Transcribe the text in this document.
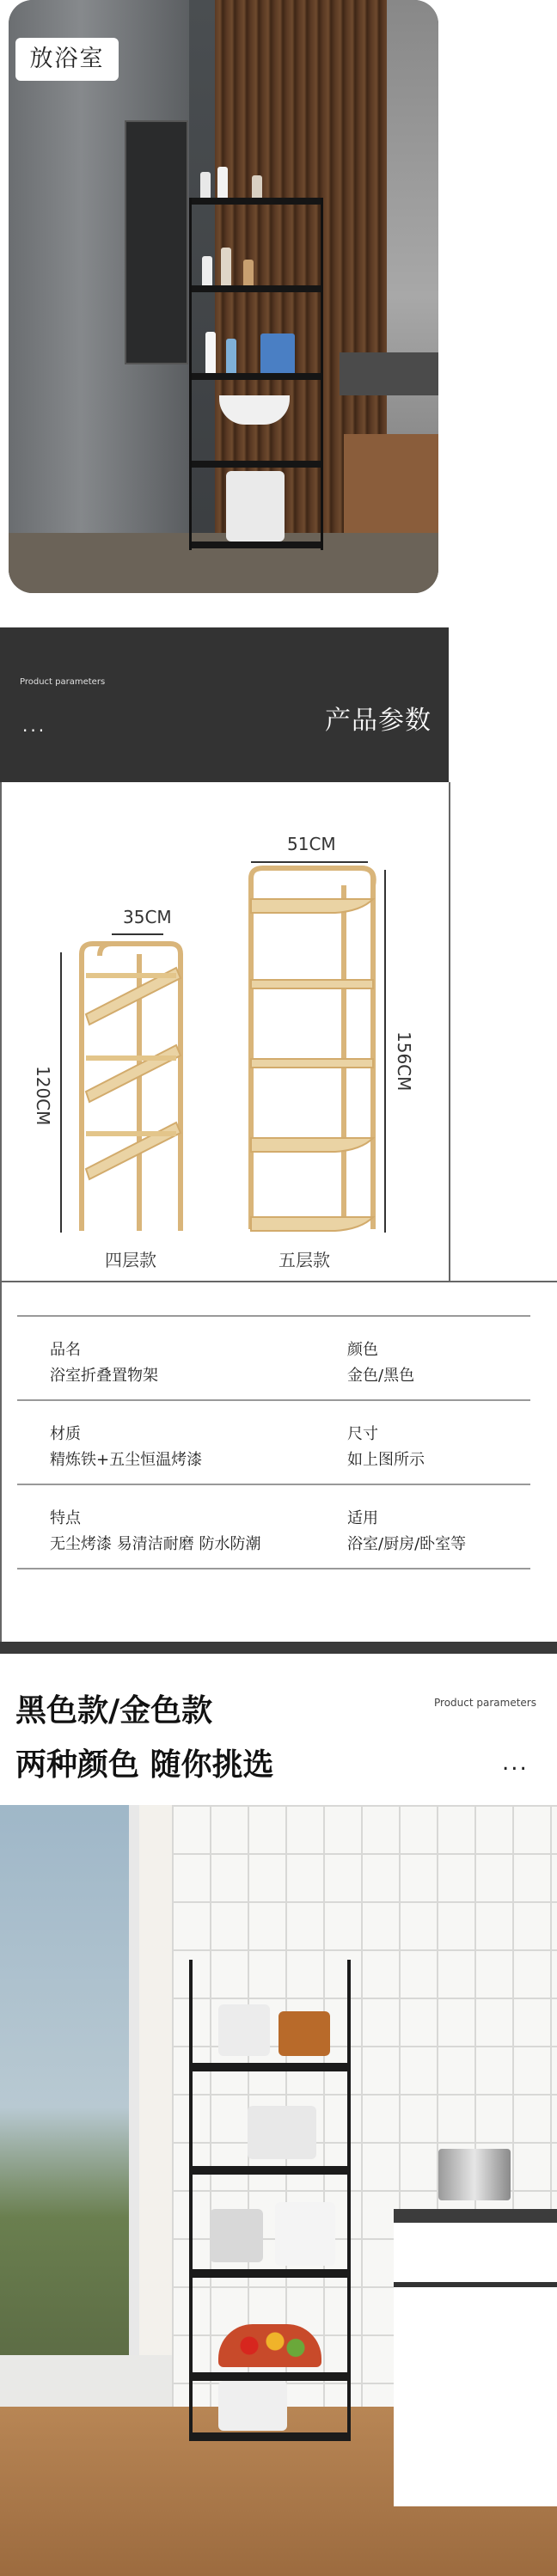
放浴室
Product parameters
...	产品参数
35CM
120CM
四层款
51CM
156CM
五层款
品名
浴室折叠置物架
颜色
金色/黑色
材质
精炼铁+五尘恒温烤漆
尺寸
如上图所示
特点
无尘烤漆 易清洁耐磨 防水防潮
适用
浴室/厨房/卧室等
黑色款/金色款
两种颜色 随你挑选
Product parameters
...
